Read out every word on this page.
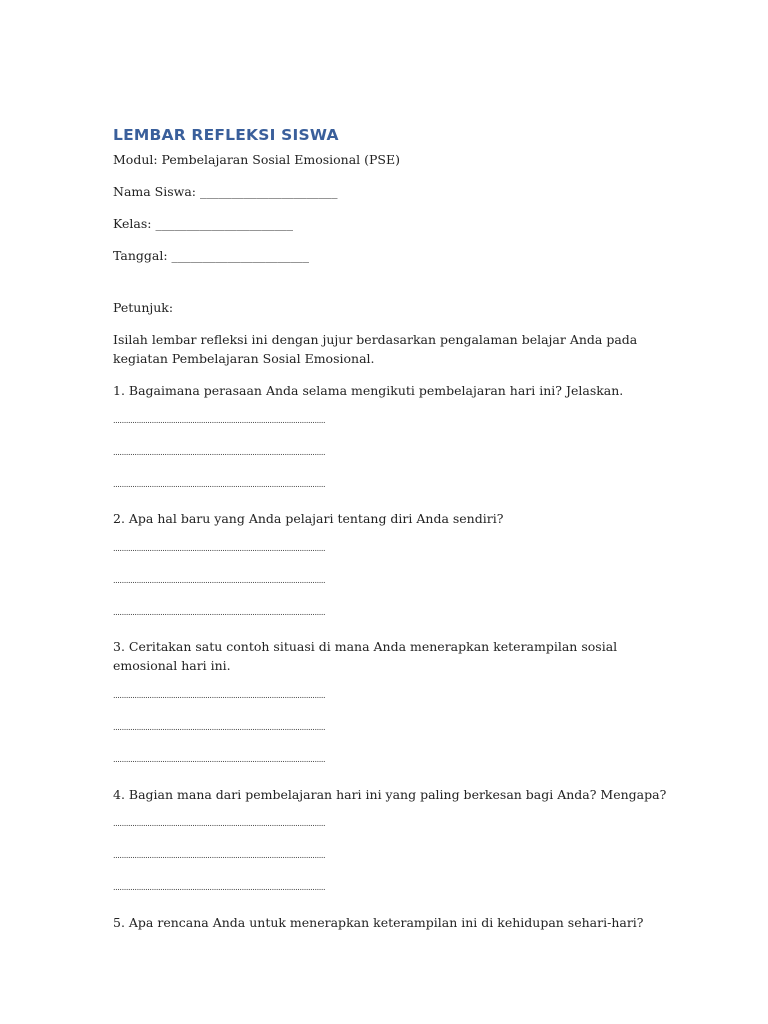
LEMBAR REFLEKSI SISWA

Modul: Pembelajaran Sosial Emosional (PSE)

Nama Siswa: ______________________

Kelas: ______________________

Tanggal: ______________________

Petunjuk:

Isilah lembar refleksi ini dengan jujur berdasarkan pengalaman belajar Anda pada kegiatan Pembelajaran Sosial Emosional.

1. Bagaimana perasaan Anda selama mengikuti pembelajaran hari ini? Jelaskan.

...................................................................................................

...................................................................................................

...................................................................................................

2. Apa hal baru yang Anda pelajari tentang diri Anda sendiri?

...................................................................................................

...................................................................................................

...................................................................................................

3. Ceritakan satu contoh situasi di mana Anda menerapkan keterampilan sosial emosional hari ini.

...................................................................................................

...................................................................................................

...................................................................................................

4. Bagian mana dari pembelajaran hari ini yang paling berkesan bagi Anda? Mengapa?

...................................................................................................

...................................................................................................

...................................................................................................

5. Apa rencana Anda untuk menerapkan keterampilan ini di kehidupan sehari-hari?
